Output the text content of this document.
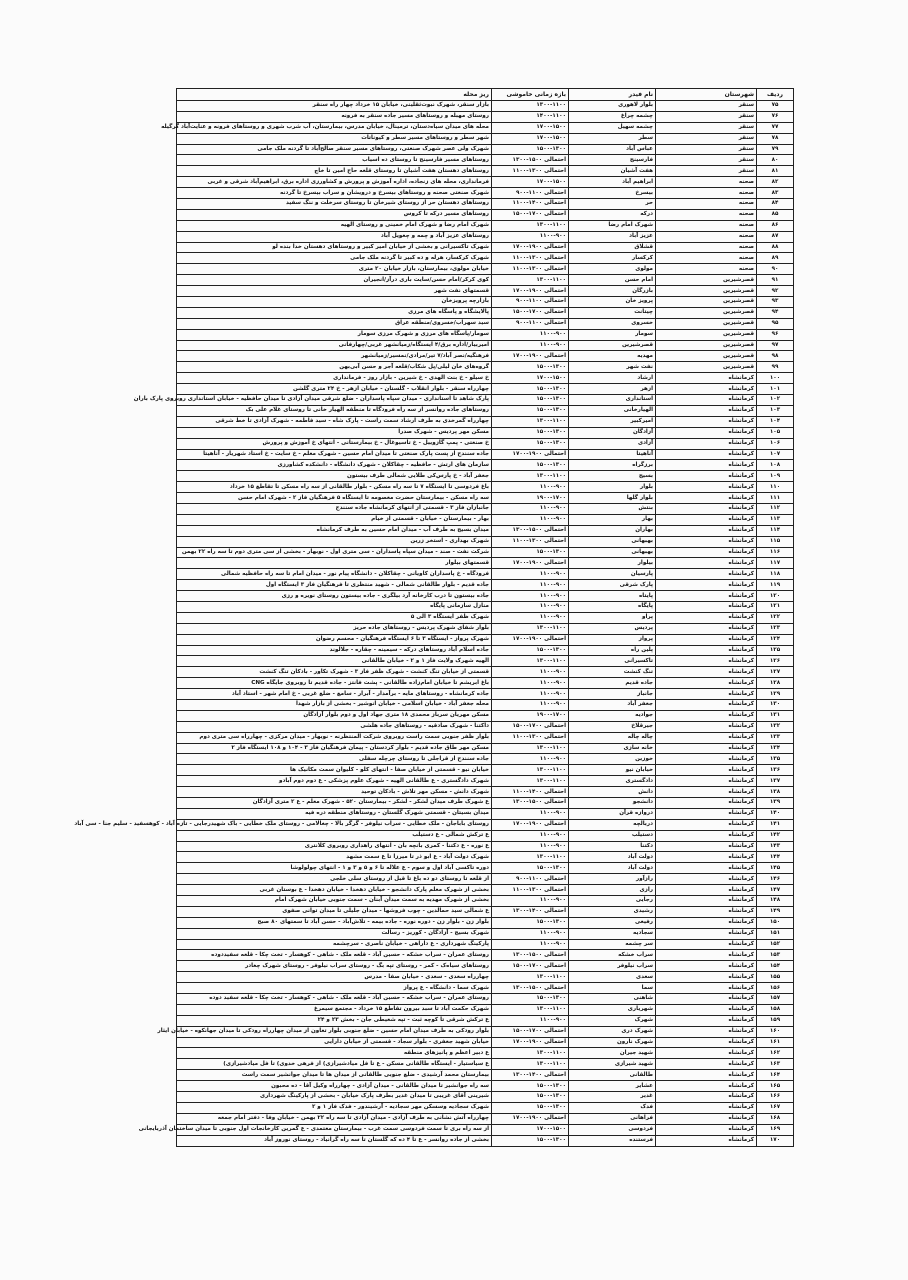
ردیف	شهرستان	نام فیدر	بازه زمانی خاموشی	ریز محله
۷۵	سنقر	بلوار لاهوری	۱۳۰۰-۱۱۰۰	بازار سنقر، شهرک نبوت‌ثقلینی، خیابان ۱۵ خرداد چهار راه سنقر
۷۶	سنقر	چشمه چراغ	۱۴۰۰-۱۱۰۰	روستای مهبله و روستاهای مسیر جاده سنقر به فرونه
۷۷	سنقر	چشمه سهیل	۱۷۰۰-۱۵۰۰	محله های میدان سیاه‌دستان، ترمینال، خیابان مدرس، بیمارستان، آب شرب شهری و روستاهای فرونه و عنایت‌آباد گرگیله
۷۸	سنقر	سطر	۱۷۰۰-۱۵۰۰	شهر سطر و روستاهای مسیر سطر و کیوناتات
۷۹	سنقر	عباس آباد	۱۵۰۰-۱۳۰۰	شهرک ولی عصر شهرک صنعتی، روستاهای مسیر سنقر صالح‌آباد تا گردنه ملک جامی
۸۰	سنقر	فارسینج	احتمالی ۱۵۰۰-۱۳۰۰	روستاهای مسیر فارسینج تا روستای ده اسیاب
۸۱	سنقر	هفت آشیان	احتمالی ۱۳۰۰-۱۱۰۰	روستاهای دهستان هفت آشیان تا روستای قلعه حاج امین تا خاچ
۸۲	صحنه	ابراهیم آباد	۱۷۰۰-۱۵۰۰	فرمانداری، محله های زنجاده، اداره آموزش و پرورش و کشاورزی اداره برق، ابراهیم‌آباد شرقی و غربی
۸۳	صحنه	بیسرخ	احتمالی ۱۱۰۰-۹۰۰	شهرک صنعتی صحنه و روستاهای بیسرخ و درویشان و سراب بیسرخ تا گردنه
۸۴	صحنه	حر	احتمالی ۱۴۰۰-۱۱۰۰	روستاهای دهستان حر از روستای شیرخان تا روستای سرخلت و ننگ سفید
۸۵	صحنه	درکه	احتمالی ۱۷۰۰-۱۵۰۰	روستاهای مسیر درکه تا کروس
۸۶	صحنه	شهرک امام رضا	۱۳۰۰-۱۱۰۰	شهرک امام رضا و شهرک امام خمینی و روستای الهیه
۸۷	صحنه	عزیز آباد	۱۱۰۰-۹۰۰	روستاهای عزیز آباد و چمه و چغویل آباد
۸۸	صحنه	قشلاق	احتمالی ۱۹۰۰-۱۷۰۰	شهرک تاکسیرانی و بخشی از خیابان امیر کبیر و روستاهای دهستان خدا بنده لو
۸۹	صحنه	کرکسار	احتمالی ۱۳۰۰-۱۱۰۰	شهرک کرکسار، هرله و ده کبیر تا گردنه ملک جامی
۹۰	صحنه	مولوی	احتمالی ۱۳۰۰-۱۱۰۰	خیابان مولوی، بیمارستان، بازار خیابان ۲۰ متری
۹۱	قصرشیرین	امام حسن	۱۳۰۰-۱۱۰۰	کوی کرکر/امام حسن/سایت باری درآز/انجیران
۹۲	قصرشیرین	بازرگان	احتمالی ۱۹۰۰-۱۷۰۰	قسمتهای نفت شهر
۹۳	قصرشیرین	پرویز خان	احتمالی ۱۱۰۰-۹۰۰	بازارچه پرویزخان
۹۴	قصرشیرین	چیتانت	احتمالی ۱۷۰۰-۱۵۰۰	پالایشگاه و پاسگاه های مرزی
۹۵	قصرشیرین	خسروی	احتمالی ۱۱۰۰-۹۰۰	سید سهراب/خسروی/منطقه عراق
۹۶	قصرشیرین	سومار	۱۱۰۰-۹۰۰	سومار/پاسگاه های مرزی و شهرک مرزی سومار
۹۷	قصرشیرین	قصرشیرین	۱۱۰۰-۹۰۰	امیربیار/اداره برق/۴ ایستگاه/زمیانشهر غربی/چهارفانی
۹۸	قصرشیرین	مهدیه	احتمالی ۱۹۰۰-۱۷۰۰	فرهنگیه/نصر آباد/۷ تیر/مرادی/نمسیر/زمیانشهر
۹۹	قصرشیرین	نفت شهر	۱۵۰۰-۱۳۰۰	گروه‌های خان لیلی/پل شکاب/قلعه آجر و حسن آبی‌بهن
۱۰۰	کرمانشاه	ارشاد	۱۷۰۰-۱۵۰۰	خ سیلو - خ بنت الهدی - خ شیرین - بازار روز - فرمانداری
۱۰۱	کرمانشاه	ازهر	۱۵۰۰-۱۳۰۰	چهارراه سنقر - بلوار انقلاب - گلستان - خیابان ازهر - خ ۲۴ متری گلشن
۱۰۲	کرمانشاه	استانداری	۱۵۰۰-۱۳۰۰	پارک شاهد تا استانداری - میدان سپاه پاسداران - ضلع شرقی میدان آزادی تا میدان حافظیه - خیابان استانداری روبروی پارک باران
۱۰۳	کرمانشاه	الهیارخانی	۱۵۰۰-۱۳۰۰	روستاهای جاده روانسر از سه راه فرودگاه تا منطقه الهیار خانی تا روستای غلام علی بک
۱۰۴	کرمانشاه	امیرکبیر	۱۳۰۰-۱۱۰۰	چهارراه گمرخدی به طرف ارشاد سمت راست - پارک شاه - سید فاطمه - شهرک آزادی تا خط شرقی
۱۰۵	کرمانشاه	آزادگان	۱۵۰۰-۱۳۰۰	مسکن مهر پردیس - شهرک صدرا
۱۰۶	کرمانشاه	آزادی	۱۵۰۰-۱۳۰۰	خ صنعتی - پمپ گازوییل - خ تاسیوغال - خ بیمارستانی - انتهای خ آموزش و پرورش
۱۰۷	کرمانشاه	آناهیتا	احتمالی ۱۹۰۰-۱۷۰۰	جاده سنندج از پست پارک صنعتی تا میدان امام حسین - شهرک معلم - خ سایت - خ استاد شهریار - آناهیتا
۱۰۸	کرمانشاه	برزگراه	۱۵۰۰-۱۳۰۰	سازمان های ارتش - حافظیه - چقاکلان - شهرک دانشگاه - دانشکده کشاورزی
۱۰۹	کرمانشاه	بسیج	۱۳۰۰-۱۱۰۰	جعفر آباد - خ پارس‌کی طلایی شمالی طرف بیستون
۱۱۰	کرمانشاه	بلوار	۱۱۰۰-۹۰۰	باغ فردوسی تا ایستگاه ۷ تا سه راه مسکن - بلوار طالقانی از سه راه مسکن تا تقاطع ۱۵ خرداد
۱۱۱	کرمانشاه	بلوار گلها	۱۹۰۰-۱۷۰۰	سه راه مسکن - بیمارستان حضرت معصومه تا ایستگاه ۵ فرهنگیان فاز ۲ - شهرک امام حسن
۱۱۲	کرمانشاه	بنتش	۱۱۰۰-۹۰۰	جانبازان فاز ۳ - قسمتی از انتهای کرمانشاه جاده سنندج
۱۱۳	کرمانشاه	بهار	۱۱۰۰-۹۰۰	بهار - بیمارستان - خیابان - قسمتی از خیام
۱۱۴	کرمانشاه	بهاران	احتمالی ۱۵۰۰-۱۳۰۰	میدان بسیج به طرف آب - میدان امام حسین به طرف کرمانشاه
۱۱۵	کرمانشاه	بهبهانی	احتمالی ۱۳۰۰-۱۱۰۰	شهرک بهداری - استخر زرین
۱۱۶	کرمانشاه	بهبهانی	۱۵۰۰-۱۳۰۰	شرکت نفت - صند - میدان سپاه پاسداران - سی متری اول - نوبهار - بخشی از سی متری دوم تا سه راه ۲۲ بهمن
۱۱۷	کرمانشاه	بیلوار	احتمالی ۱۹۰۰-۱۷۰۰	قسمتهای بیلوار
۱۱۸	کرمانشاه	پارسیان	۱۱۰۰-۹۰۰	فرودگاه - خ پاسداران کاویانی - چقاکلان - دانشگاه پیام نور - میدان امام تا سه راه حافظیه شمالی
۱۱۹	کرمانشاه	پارک شرقی	۱۱۰۰-۹۰۰	جاده قدیم - بلوار طالقانی شمالی - شهید منتظری تا فرهنگیان فاز ۳ ایستگاه اول
۱۲۰	کرمانشاه	پایتاه	۱۱۰۰-۹۰۰	جاده بیستون تا درب کارخانه آرد بیلگری - جاده بیستون روستای نویره و رزی
۱۲۱	کرمانشاه	پایگاه	۱۱۰۰-۹۰۰	منازل سازمانی پایگاه
۱۲۲	کرمانشاه	پراو	۱۱۰۰-۹۰۰	شهرک ظفر ایستگاه ۳ الی ۵
۱۲۳	کرمانشاه	پردیس	۱۳۰۰-۱۱۰۰	بلوار شفای شهرک پردیس - روستاهای جاده حریز
۱۲۴	کرمانشاه	پرواز	احتمالی ۱۹۰۰-۱۷۰۰	شهرک پرواز - ایستگاه ۳ تا ۶ ایستگاه فرهنگیان - محسم رضوان
۱۲۵	کرمانشاه	پلین راه	۱۵۰۰-۱۳۰۰	جاده اسلام آباد روستاهای درکه - سیمینه - چقاره - جلالوند
۱۲۶	کرمانشاه	تاکسیرانی	۱۳۰۰-۱۱۰۰	الهیه شهرک ولایت فاز ۱ و ۲ - خیابان طالقانی
۱۲۷	کرمانشاه	تنگ کنشت	۱۱۰۰-۹۰۰	قسمتی از خیابان تنگ کنشت - شهرک ظفر فاز ۳ - شهرک تکاور - بادکان تنگ کنشت
۱۲۸	کرمانشاه	جاده قدیم	۱۱۰۰-۹۰۰	باغ ابریشم تا خیابان امام‌زاده طالقانی - پشت فانتز - جاده قدیم تا روبروی جایگاه CNG
۱۲۹	کرمانشاه	جانباز	۱۱۰۰-۹۰۰	جاده کرمانشاه - روستاهای مایه - برآمدار - آبرار - سامع - ضلع غربی - خ امام شهر - استاد آباد
۱۳۰	کرمانشاه	جعفر آباد	۱۱۰۰-۹۰۰	محله جعفر آباد - خیابان اسلامی - خیابان انوشیر - بخشی از بازار شهدا
۱۳۱	کرمانشاه	جوادیه	۱۹۰۰-۱۷۰۰	مسکن مهریان سرباز محمدی ۱۸ متری جهاد اول و دوم بلوار آزادگان
۱۳۲	کرمانشاه	جیرقلاخ	احتمالی ۱۷۰۰-۱۵۰۰	داکتنا - شهرک صادقیه - روستاهای جاده هلشی
۱۳۳	کرمانشاه	چاله چاله	احتمالی ۱۳۰۰-۱۱۰۰	بلوار ظفر جنوبی سمت راست روبروی شرکت المنتظرنه - نوبهار - میدان مرکزی - چهارراه سی متری دوم
۱۳۴	کرمانشاه	خانه سازی	۱۳۰۰-۱۱۰۰	مسکن مهر طاق جاده قدیم - بلوار کردستان - پیمان فرهنگیان فاز ۳ - ۱۰۴ و ۱۰۸ ایستگاه فاز ۲
۱۳۵	کرمانشاه	خوزین	۱۱۰۰-۹۰۰	جاده سنندج از قراجلی تا روستای چرچله سفلی
۱۳۶	کرمانشاه	خیابان نیو	۱۳۰۰-۱۱۰۰	خیابان نیو - قسمتی از خیابان صفا - انتهای کلو - کلیوان سمت مکانیک ها
۱۳۷	کرمانشاه	دادگستری	۱۳۰۰-۱۱۰۰	شهرک دادگستری - ع طالقانی الهیه - شهرک علوم پزشکی - ع دوم دوم آبادو
۱۳۸	کرمانشاه	دانش	احتمالی ۱۴۰۰-۱۱۰۰	شهرک دانش - مسکن مهر تلاش - بادکان توحید
۱۳۹	کرمانشاه	دانشجو	احتمالی ۱۵۰۰-۱۳۰۰	ع شهرک طرف میدان لشکر - لشکر - بیمارستان ۵۲۰ - شهرک معلم - ع ۲ متری آزادگان
۱۴۰	کرمانشاه	دروازه قرآن	۱۱۰۰-۹۰۰	میدان بسیتان - قسمتی شهرک گلستان - روستاهای منطقه دره فیه
۱۴۱	کرمانشاه	دربالچه	احتمالی ۱۹۰۰-۱۷۰۰	روستای باباجان - ملک خطایی - سراب نیلوفر - گرگر بالا - چغالامی - روستای ملک خطایی - باک شهیدرجایی - تازه آباد - کوهسفید - سلیم جنا - سی آباد
۱۴۲	کرمانشاه	دستیلب	۱۱۰۰-۹۰۰	ع ترکش شمالی - ع دستیلب
۱۴۳	کرمانشاه	دکتنا	۱۱۰۰-۹۰۰	ع نوره - ع دکتنا - کمری بانچه بان - انتهای راهداری روبروی کلانتری
۱۴۴	کرمانشاه	دولت آباد	۱۳۰۰-۱۱۰۰	شهرک دولت آباد - ع ابو ذر تا میرزا تا ع سمت مشهد
۱۴۵	کرمانشاه	دولت آباد	۱۵۰۰-۱۳۰۰	دوره تاکسی آباد اول و سوم - ع علاله تا ۶ و ۵ و ۳ و ۱ - انتهای چولولوشا
۱۴۶	کرمانشاه	رازآور	احتمالی ۱۱۰۰-۹۰۰	از قلعه تا روستای دو ده باغ تا قبل از روستای سلی خلجی
۱۴۷	کرمانشاه	رازی	احتمالی ۱۳۰۰-۱۱۰۰	بخشی از شهرک معلم پارک دانشجو - خیابان دهخدا - خیابان دهخدا - ع بوستان غربی
۱۴۸	کرمانشاه	رجایی	۱۱۰۰-۹۰۰	بخشی از شهرک مهدیه به سمت میدان آبنان - سمت جنوبی خیابان شهرک امام
۱۴۹	کرمانشاه	رشیدی	احتمالی ۱۴۰۰-۱۳۰۰	ع شمالی سید حمالدین - چوب فروشها - میدان جلیلی تا میدان توانی صفوی
۱۵۰	کرمانشاه	رفیعی	۱۵۰۰-۱۳۰۰	بلوار زن - بلوار زن - دوره نوره - جاده بیمه - تلاش‌آباد - حسن آباد تا سمتهای ۸۰ صبح
۱۵۱	کرمانشاه	سجادیه	۱۱۰۰-۹۰۰	شهرک بسیج - آزادگان - کوریز - رسالت
۱۵۲	کرمانشاه	سر چشمه	۱۱۰۰-۹۰۰	پارکینگ شهرداری - ع داراهی - خیابان ناصری - سرچشمه
۱۵۳	کرمانشاه	سراب خشکه	احتمالی ۱۵۰۰-۱۳۰۰	روستای عمران - سراب خشکه - حسین آباد - قلعه ملک - شاهی - کوهسار - تخت چکا - قلعه سفیددوده
۱۵۴	کرمانشاه	سراب نیلوفر	احتمالی ۱۷۰۰-۱۵۰۰	روستاهای سیاه‌ک - کمر - روستای تپه بگ - روستای سراب نیلوفر - روستای شهرک چغادر
۱۵۵	کرمانشاه	سعدی	۱۳۰۰-۱۱۰۰	چهارراه سعدی - سعدی - خیابان صفا - مدرس
۱۵۶	کرمانشاه	سما	احتمالی ۱۵۰۰-۱۳۰۰	شهرک سما - دانشگاه - ع پرواز
۱۵۷	کرمانشاه	شاهنی	۱۵۰۰-۱۳۰۰	روستای عمران - سراب خشکه - حسین آباد - قلعه ملک - شاهی - کوهسار - تخت چکا - قلعه سفید دوده
۱۵۸	کرمانشاه	شهریاری	۱۳۰۰-۱۱۰۰	شهرک حکمت آباد تا سبد بیرون تقاطع ۱۵ خرداد - مجتمع سیمرغ
۱۵۹	کرمانشاه	شهرک	۱۱۰۰-۹۰۰	ع ترکش شرقی تا کوچه ثبت - تپه شعیطی جان - بخش ۲۳ و ۲۴
۱۶۰	کرمانشاه	شهرک دری	احتمالی ۱۷۰۰-۱۵۰۰	بلوار رودکی به طرف میدان امام حسین - ضلع جنوبی بلوار تعاون از میدان چهارراه رودکی تا میدان جهانکوه - خیابان ایثار
۱۶۱	کرمانشاه	شهرک نارون	احتمالی ۱۹۰۰-۱۷۰۰	خیابان شهید جعفری - بلوار سجاد - قسمتی از خیابان دارایی
۱۶۲	کرمانشاه	شهید جیران	۱۳۰۰-۱۱۰۰	ع دبیر اعظم و پانیزهای منطقه
۱۶۳	کرمانشاه	شهید شیرازی	۱۳۰۰-۱۱۰۰	ع سیاستیار - ایستگاه طالقانی مسکن - ع تا فل میادشیرازی) از فرهی خدوی) تا فل میادشیرازی)
۱۶۴	کرمانشاه	طالقانی	احتمالی ۱۴۰۰-۱۳۰۰	بیمارستان محمد آرشیدی - ضلع جنوبی طالقانی از میدان ها تا میدان جوانشیر سمت راست
۱۶۵	کرمانشاه	عشایر	۱۵۰۰-۱۳۰۰	سه راه جوانشیر تا میدان طالقانی - میدان آزادی - چهارراه وکیل آقا - ده محبون
۱۶۶	کرمانشاه	غدیر	۱۵۰۰-۱۳۰۰	شیرینی آقای غریبی تا میدان غدیر بطرف پارک خیابان - بخشی از پارکینگ شهرداری
۱۶۷	کرمانشاه	فدک	۱۵۰۰-۱۳۰۰	شهرک سجادیه وسسکن مهر سجادیه - آرشیندور - فدک فاز ۱ و ۲
۱۶۸	کرمانشاه	فراهانی	احتمالی ۱۹۰۰-۱۷۰۰	چهارراه آتش نشانی به طرف آزادی - میدان آزادی تا سه راه ۲۲ بهمن - خیابان وفا - دفتر امام جمعه
۱۶۹	کرمانشاه	فردوسی	۱۷۰۰-۱۵۰۰	از سه راه بری تا سمت فردوسی سمت غرب - بیمارستان معتمدی - ع گمرین کارخانجات اول جنوبی تا میدان ساختمان آذربایجانی
۱۷۰	کرمانشاه	فرستنده	۱۵۰۰-۱۳۰۰	بخشی از جاده روانسر - ع تا ۴ ده که گلستان تا سه راه گرانیاد - روستای نوروز آباد
